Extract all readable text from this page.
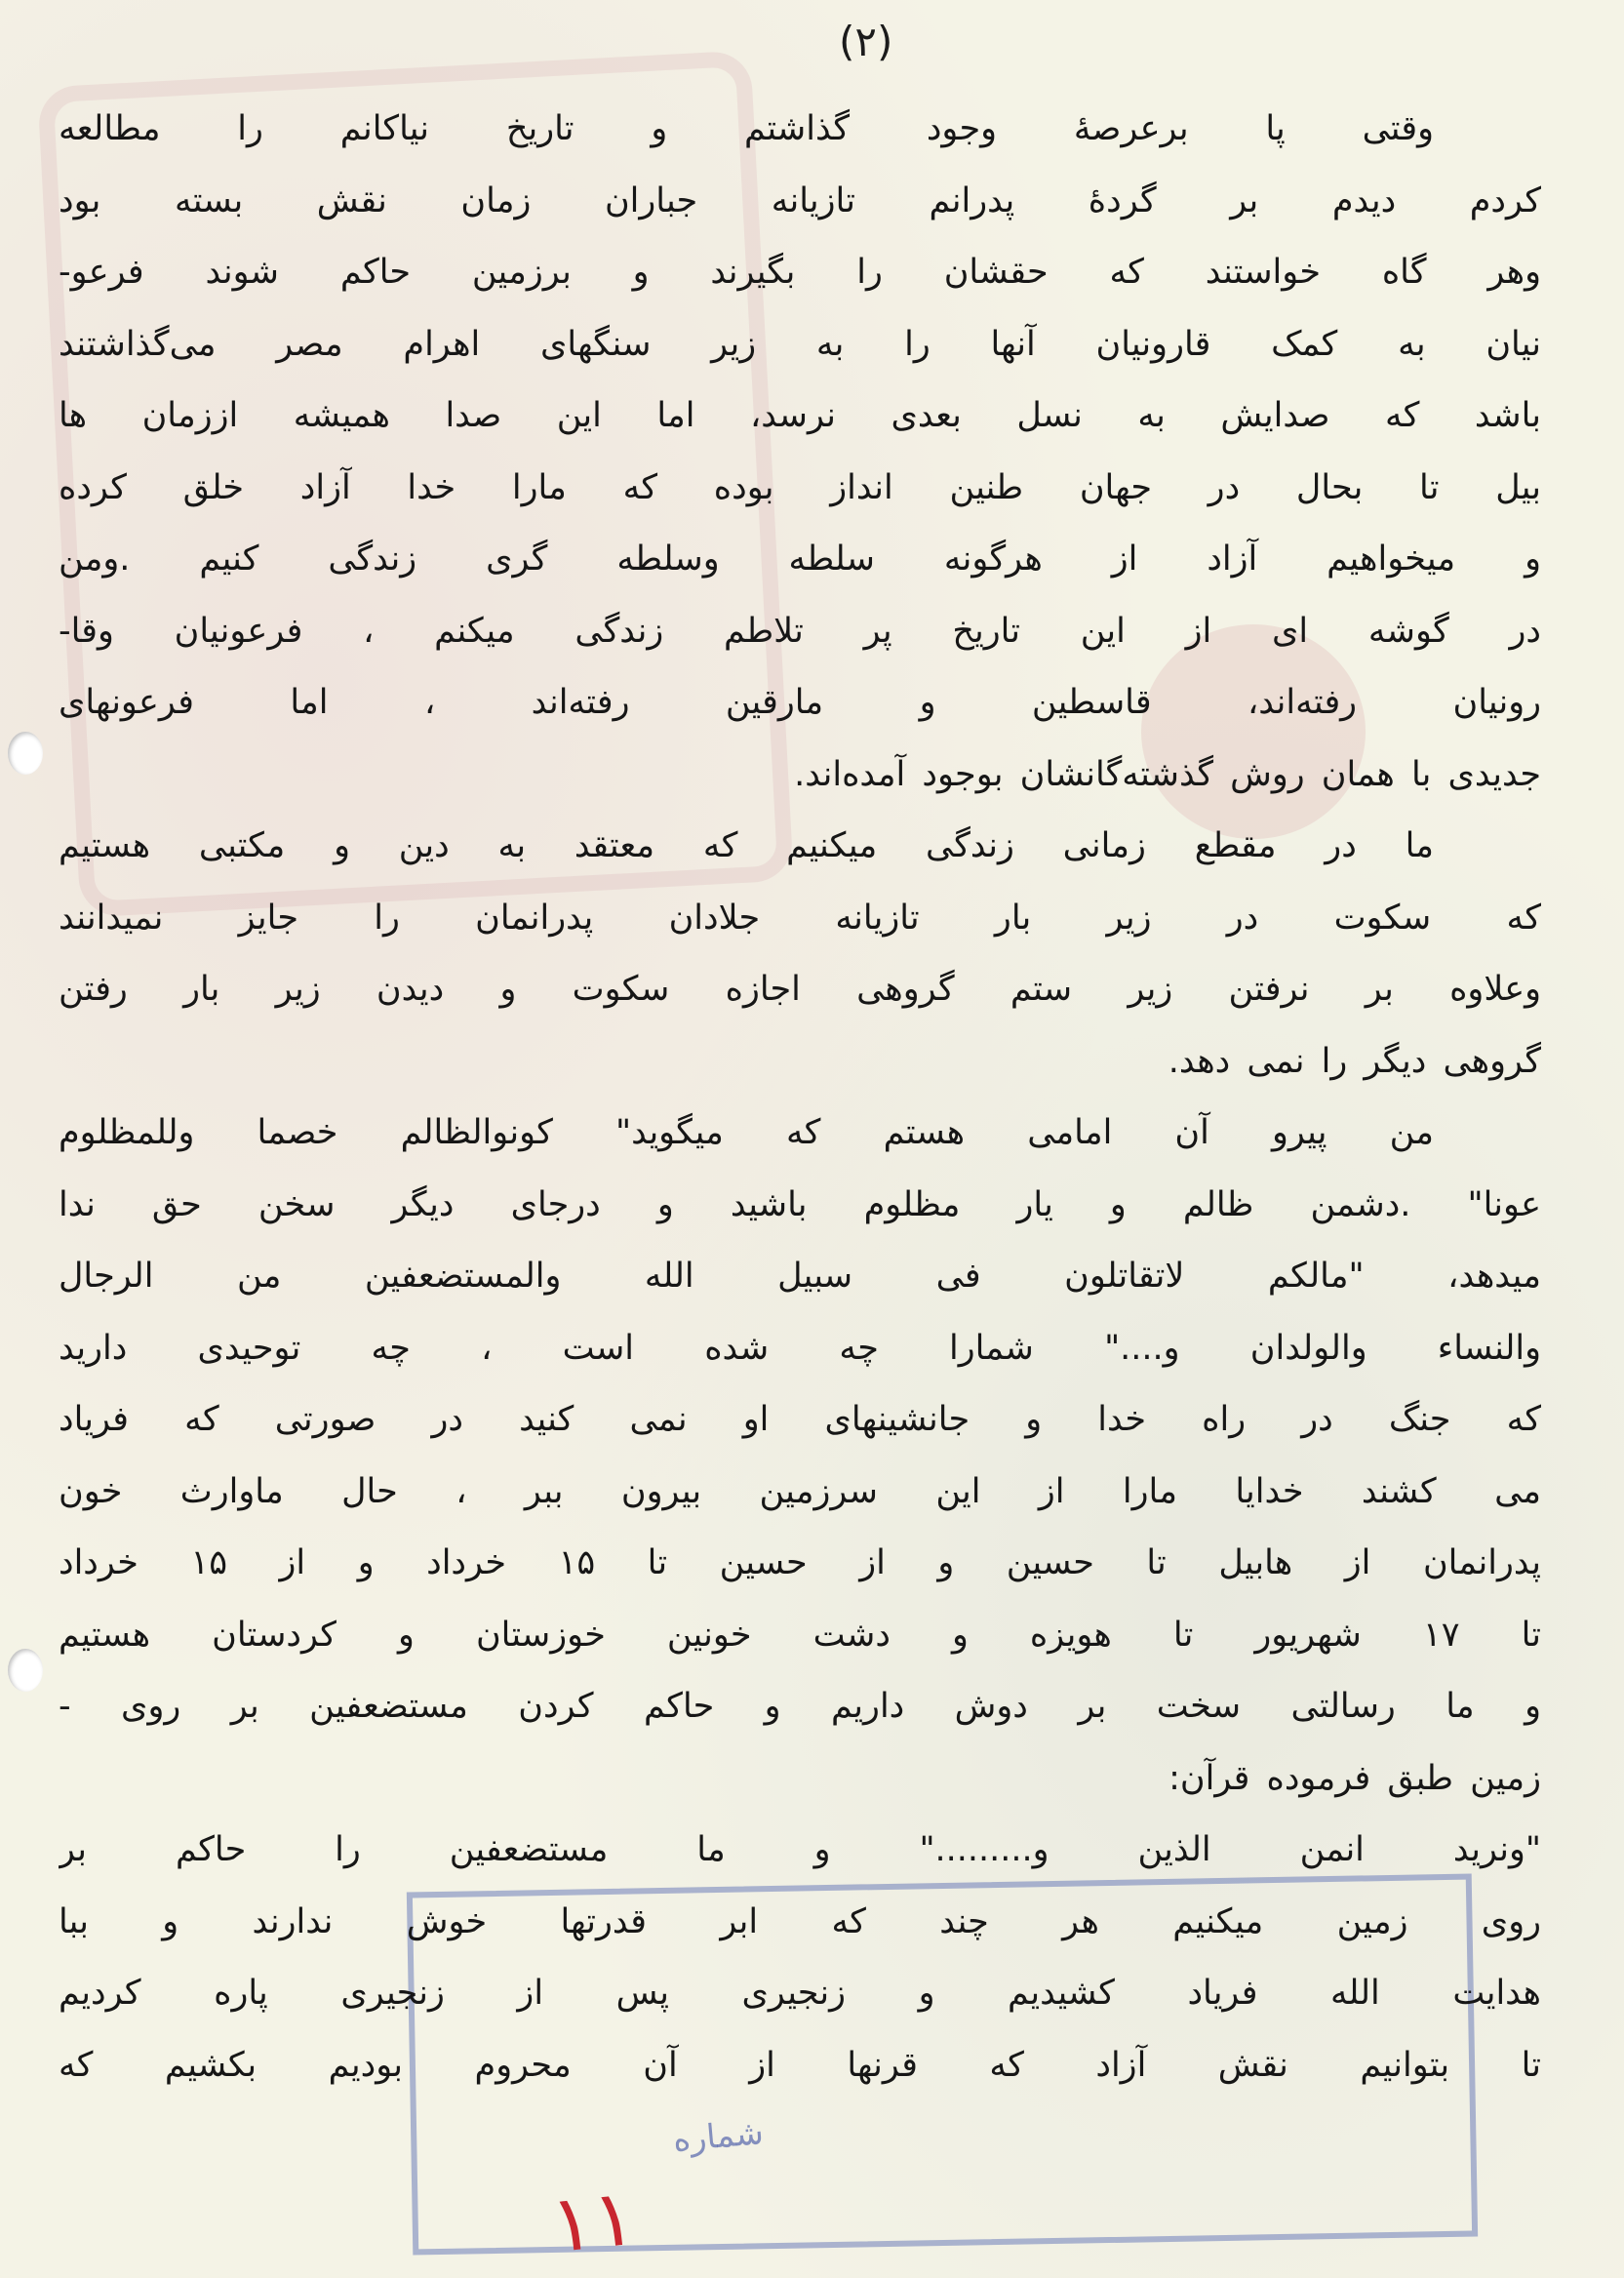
شماره
(۲)
وقتی پا برعرصهٔ وجود گذاشتم و تاریخ نیاکانم را مطالعه
کردم دیدم بر گردهٔ پدرانم تازیانه جباران زمان نقش بسته بود
وهر گاه خواستند که حقشان را بگیرند و برزمین حاکم شوند فرعو-
نیان به کمک قارونیان آنها را به زیر سنگهای اهرام مصر می‌گذاشتند
باشد که صدایش به نسل بعدی نرسد، اما این صدا همیشه اززمان ها
بیل تا بحال در جهان طنین انداز بوده که مارا خدا آزاد خلق کرده
و میخواهیم آزاد از هرگونه سلطه وسلطه گری زندگی کنیم .ومن
در گوشه ای از این تاریخ پر تلاطم زندگی میکنم ، فرعونیان وقا-
رونیان رفته‌اند، قاسطین و مارقین رفته‌اند ، اما فرعونهای
جدیدی با همان روش گذشته‌گانشان بوجود آمده‌اند.
ما در مقطع زمانی زندگی میکنیم که معتقد به دین و مکتبی هستیم
که سکوت در زیر بار تازیانه جلادان پدرانمان را جایز نمیدانند
وعلاوه بر نرفتن زیر ستم گروهی اجازه سکوت و دیدن زیر بار رفتن
گروهی دیگر را نمی دهد.
من پیرو آن امامی هستم که میگوید" کونوالظالم خصما وللمظلوم
عونا" .دشمن ظالم و یار مظلوم باشید و درجای دیگر سخن حق ندا
میدهد، "مالکم لاتقاتلون فی سبیل الله والمستضعفین من الرجال
والنساء والولدان و...." شمارا چه شده است ، چه توحیدی دارید
که جنگ در راه خدا و جانشینهای او نمی کنید در صورتی که فریاد
می کشند خدایا مارا از این سرزمین بیرون ببر ، حال ماوارث خون
پدرانمان از هابیل تا حسین و از حسین تا ۱۵ خرداد و از ۱۵ خرداد
تا ۱۷ شهریور تا هویزه و دشت خونین خوزستان و کردستان هستیم
و ما رسالتی سخت بر دوش داریم و حاکم کردن مستضعفین بر روی -
زمین طبق فرموده قرآن:
"ونرید انمن الذین و........." و ما مستضعفین را حاکم بر
روی زمین میکنیم هر چند که ابر قدرتها خوش ندارند و ببا
هدایت الله فریاد کشیدیم و زنجیری پس از زنجیری پاره کردیم
تا بتوانیم نقش آزاد که قرنها از آن محروم بودیم بکشیم که
۱۱
